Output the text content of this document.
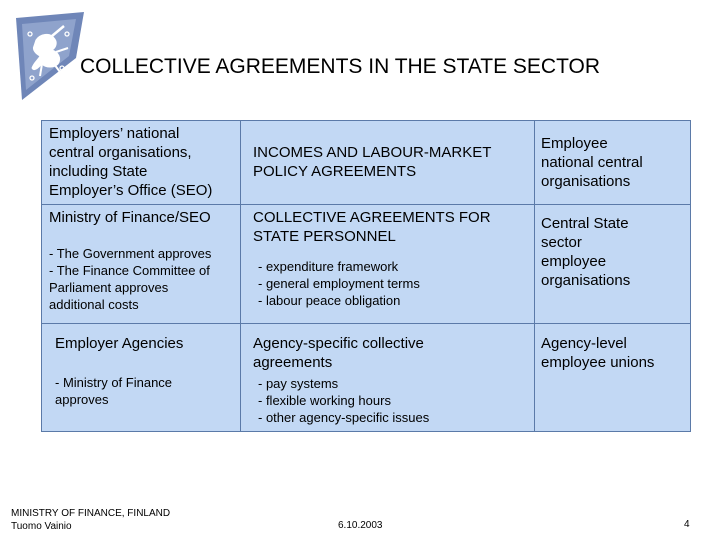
COLLECTIVE AGREEMENTS IN THE STATE SECTOR
Employers’ national
central organisations,
including State
Employer’s Office (SEO)
INCOMES AND LABOUR-MARKET
POLICY AGREEMENTS
Employee
national central
organisations
Ministry of Finance/SEO
- The Government approves
- The Finance Committee of
Parliament approves
additional costs
COLLECTIVE AGREEMENTS FOR
STATE PERSONNEL
- expenditure framework
- general employment terms
- labour peace obligation
Central State
sector
employee
organisations
Employer Agencies
- Ministry of Finance
approves
Agency-specific collective
agreements
- pay systems
- flexible working hours
- other agency-specific issues
Agency-level
employee unions
MINISTRY OF FINANCE, FINLAND
Tuomo Vainio	6.10.2003	4
